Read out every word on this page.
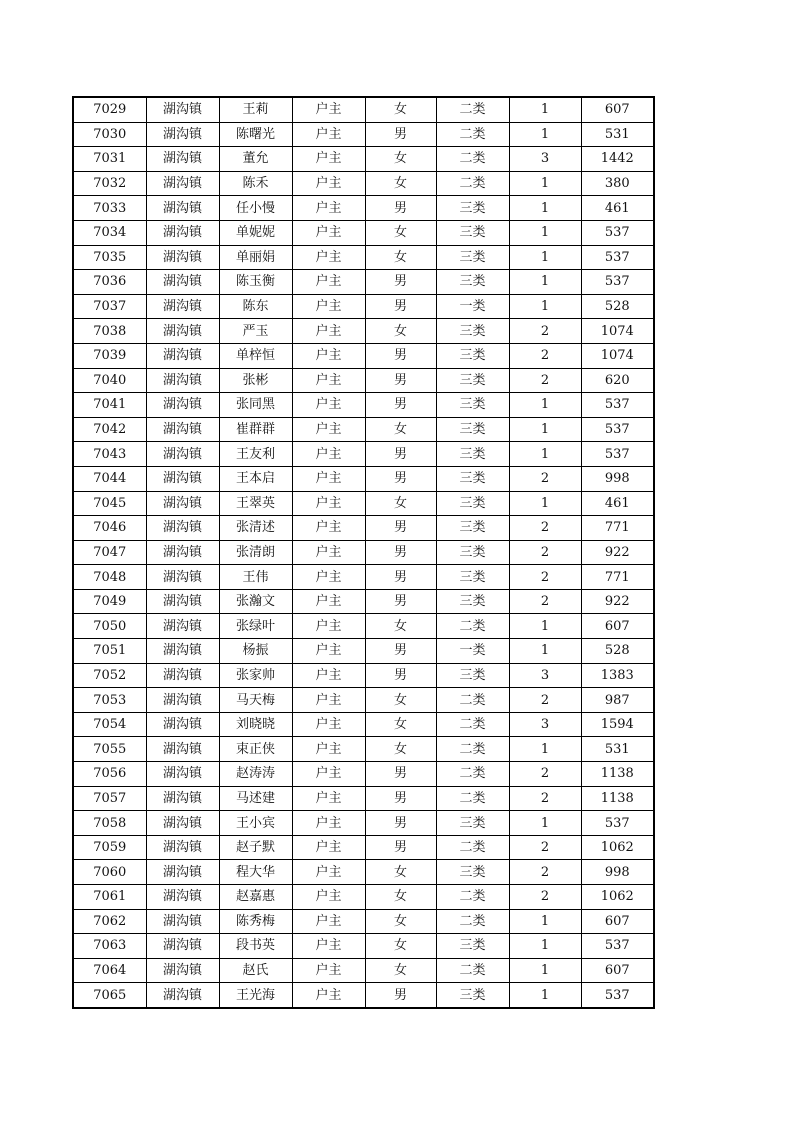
7029	湖沟镇	王莉	户主	女	二类	1	607
7030	湖沟镇	陈曙光	户主	男	二类	1	531
7031	湖沟镇	董允	户主	女	二类	3	1442
7032	湖沟镇	陈禾	户主	女	二类	1	380
7033	湖沟镇	任小慢	户主	男	三类	1	461
7034	湖沟镇	单妮妮	户主	女	三类	1	537
7035	湖沟镇	单丽娟	户主	女	三类	1	537
7036	湖沟镇	陈玉衡	户主	男	三类	1	537
7037	湖沟镇	陈东	户主	男	一类	1	528
7038	湖沟镇	严玉	户主	女	三类	2	1074
7039	湖沟镇	单梓恒	户主	男	三类	2	1074
7040	湖沟镇	张彬	户主	男	三类	2	620
7041	湖沟镇	张同黑	户主	男	三类	1	537
7042	湖沟镇	崔群群	户主	女	三类	1	537
7043	湖沟镇	王友利	户主	男	三类	1	537
7044	湖沟镇	王本启	户主	男	三类	2	998
7045	湖沟镇	王翠英	户主	女	三类	1	461
7046	湖沟镇	张清述	户主	男	三类	2	771
7047	湖沟镇	张清朗	户主	男	三类	2	922
7048	湖沟镇	王伟	户主	男	三类	2	771
7049	湖沟镇	张瀚文	户主	男	三类	2	922
7050	湖沟镇	张绿叶	户主	女	二类	1	607
7051	湖沟镇	杨振	户主	男	一类	1	528
7052	湖沟镇	张家帅	户主	男	三类	3	1383
7053	湖沟镇	马天梅	户主	女	二类	2	987
7054	湖沟镇	刘晓晓	户主	女	二类	3	1594
7055	湖沟镇	束正侠	户主	女	二类	1	531
7056	湖沟镇	赵涛涛	户主	男	二类	2	1138
7057	湖沟镇	马述建	户主	男	二类	2	1138
7058	湖沟镇	王小宾	户主	男	三类	1	537
7059	湖沟镇	赵子默	户主	男	二类	2	1062
7060	湖沟镇	程大华	户主	女	三类	2	998
7061	湖沟镇	赵嘉惠	户主	女	二类	2	1062
7062	湖沟镇	陈秀梅	户主	女	二类	1	607
7063	湖沟镇	段书英	户主	女	三类	1	537
7064	湖沟镇	赵氏	户主	女	二类	1	607
7065	湖沟镇	王光海	户主	男	三类	1	537
